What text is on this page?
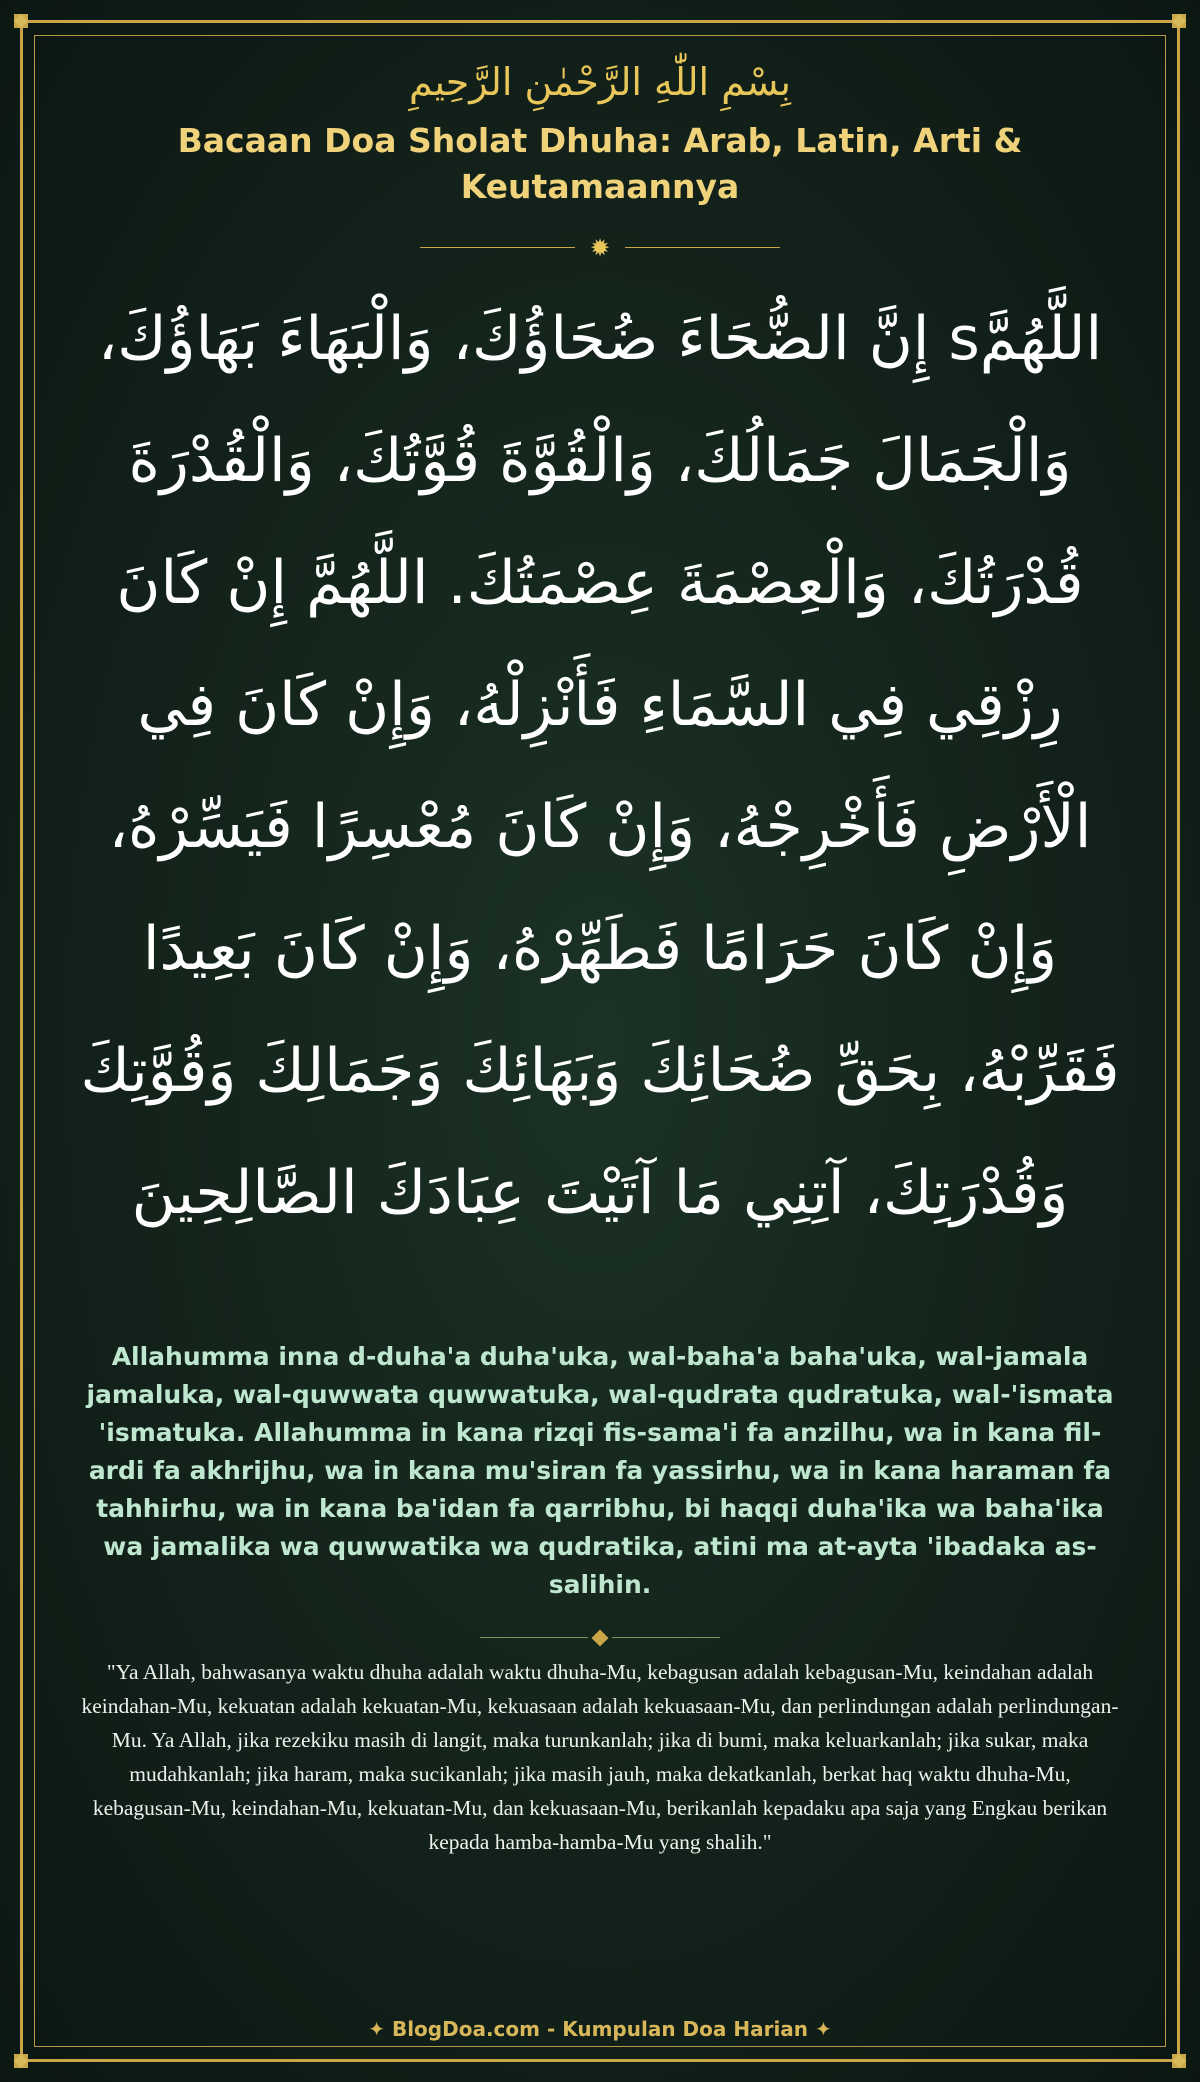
بِسْمِ اللّٰهِ الرَّحْمٰنِ الرَّحِيمِ
Bacaan Doa Sholat Dhuha: Arab, Latin, Arti & Keutamaannya
✹
اللَّهُمَّs إِنَّ الضُّحَاءَ ضُحَاؤُكَ، وَالْبَهَاءَ بَهَاؤُكَ، وَالْجَمَالَ جَمَالُكَ، وَالْقُوَّةَ قُوَّتُكَ، وَالْقُدْرَةَ قُدْرَتُكَ، وَالْعِصْمَةَ عِصْمَتُكَ. اللَّهُمَّ إِنْ كَانَ رِزْقِي فِي السَّمَاءِ فَأَنْزِلْهُ، وَإِنْ كَانَ فِي الْأَرْضِ فَأَخْرِجْهُ، وَإِنْ كَانَ مُعْسِرًا فَيَسِّرْهُ، وَإِنْ كَانَ حَرَامًا فَطَهِّرْهُ، وَإِنْ كَانَ بَعِيدًا فَقَرِّبْهُ، بِحَقِّ ضُحَائِكَ وَبَهَائِكَ وَجَمَالِكَ وَقُوَّتِكَ وَقُدْرَتِكَ، آتِنِي مَا آتَيْتَ عِبَادَكَ الصَّالِحِينَ
Allahumma inna d-duha'a duha'uka, wal-baha'a baha'uka, wal-jamala jamaluka, wal-quwwata quwwatuka, wal-qudrata qudratuka, wal-'ismata 'ismatuka. Allahumma in kana rizqi fis-sama'i fa anzilhu, wa in kana fil-ardi fa akhrijhu, wa in kana mu'siran fa yassirhu, wa in kana haraman fa tahhirhu, wa in kana ba'idan fa qarribhu, bi haqqi duha'ika wa baha'ika wa jamalika wa quwwatika wa qudratika, atini ma at-ayta 'ibadaka as-salihin.
"Ya Allah, bahwasanya waktu dhuha adalah waktu dhuha-Mu, kebagusan adalah kebagusan-Mu, keindahan adalah keindahan-Mu, kekuatan adalah kekuatan-Mu, kekuasaan adalah kekuasaan-Mu, dan perlindungan adalah perlindungan-Mu. Ya Allah, jika rezekiku masih di langit, maka turunkanlah; jika di bumi, maka keluarkanlah; jika sukar, maka mudahkanlah; jika haram, maka sucikanlah; jika masih jauh, maka dekatkanlah, berkat haq waktu dhuha-Mu, kebagusan-Mu, keindahan-Mu, kekuatan-Mu, dan kekuasaan-Mu, berikanlah kepadaku apa saja yang Engkau berikan kepada hamba-hamba-Mu yang shalih."
✦ BlogDoa.com - Kumpulan Doa Harian ✦
